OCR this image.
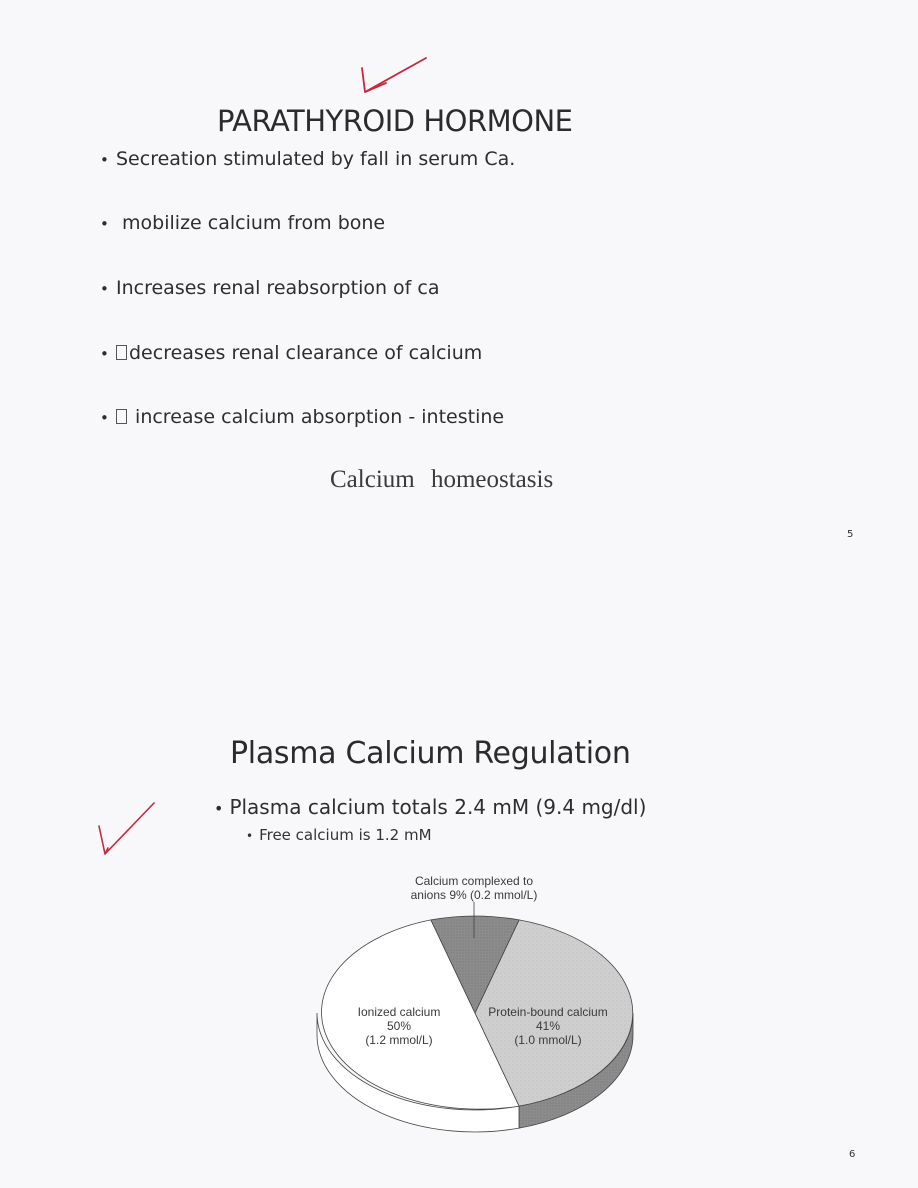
PARATHYROID HORMONE
• Secreation stimulated by fall in serum Ca.
• mobilize calcium from bone
• Increases renal reabsorption of ca
• decreases renal clearance of calcium
• increase calcium absorption - intestine
Calcium homeostasis
5
Plasma Calcium Regulation
• Plasma calcium totals 2.4 mM (9.4 mg/dl)
• Free calcium is 1.2 mM
Calcium complexed to
anions 9% (0.2 mmol/L)
Ionized calcium
50%
(1.2 mmol/L)
Protein-bound calcium
41%
(1.0 mmol/L)
6
